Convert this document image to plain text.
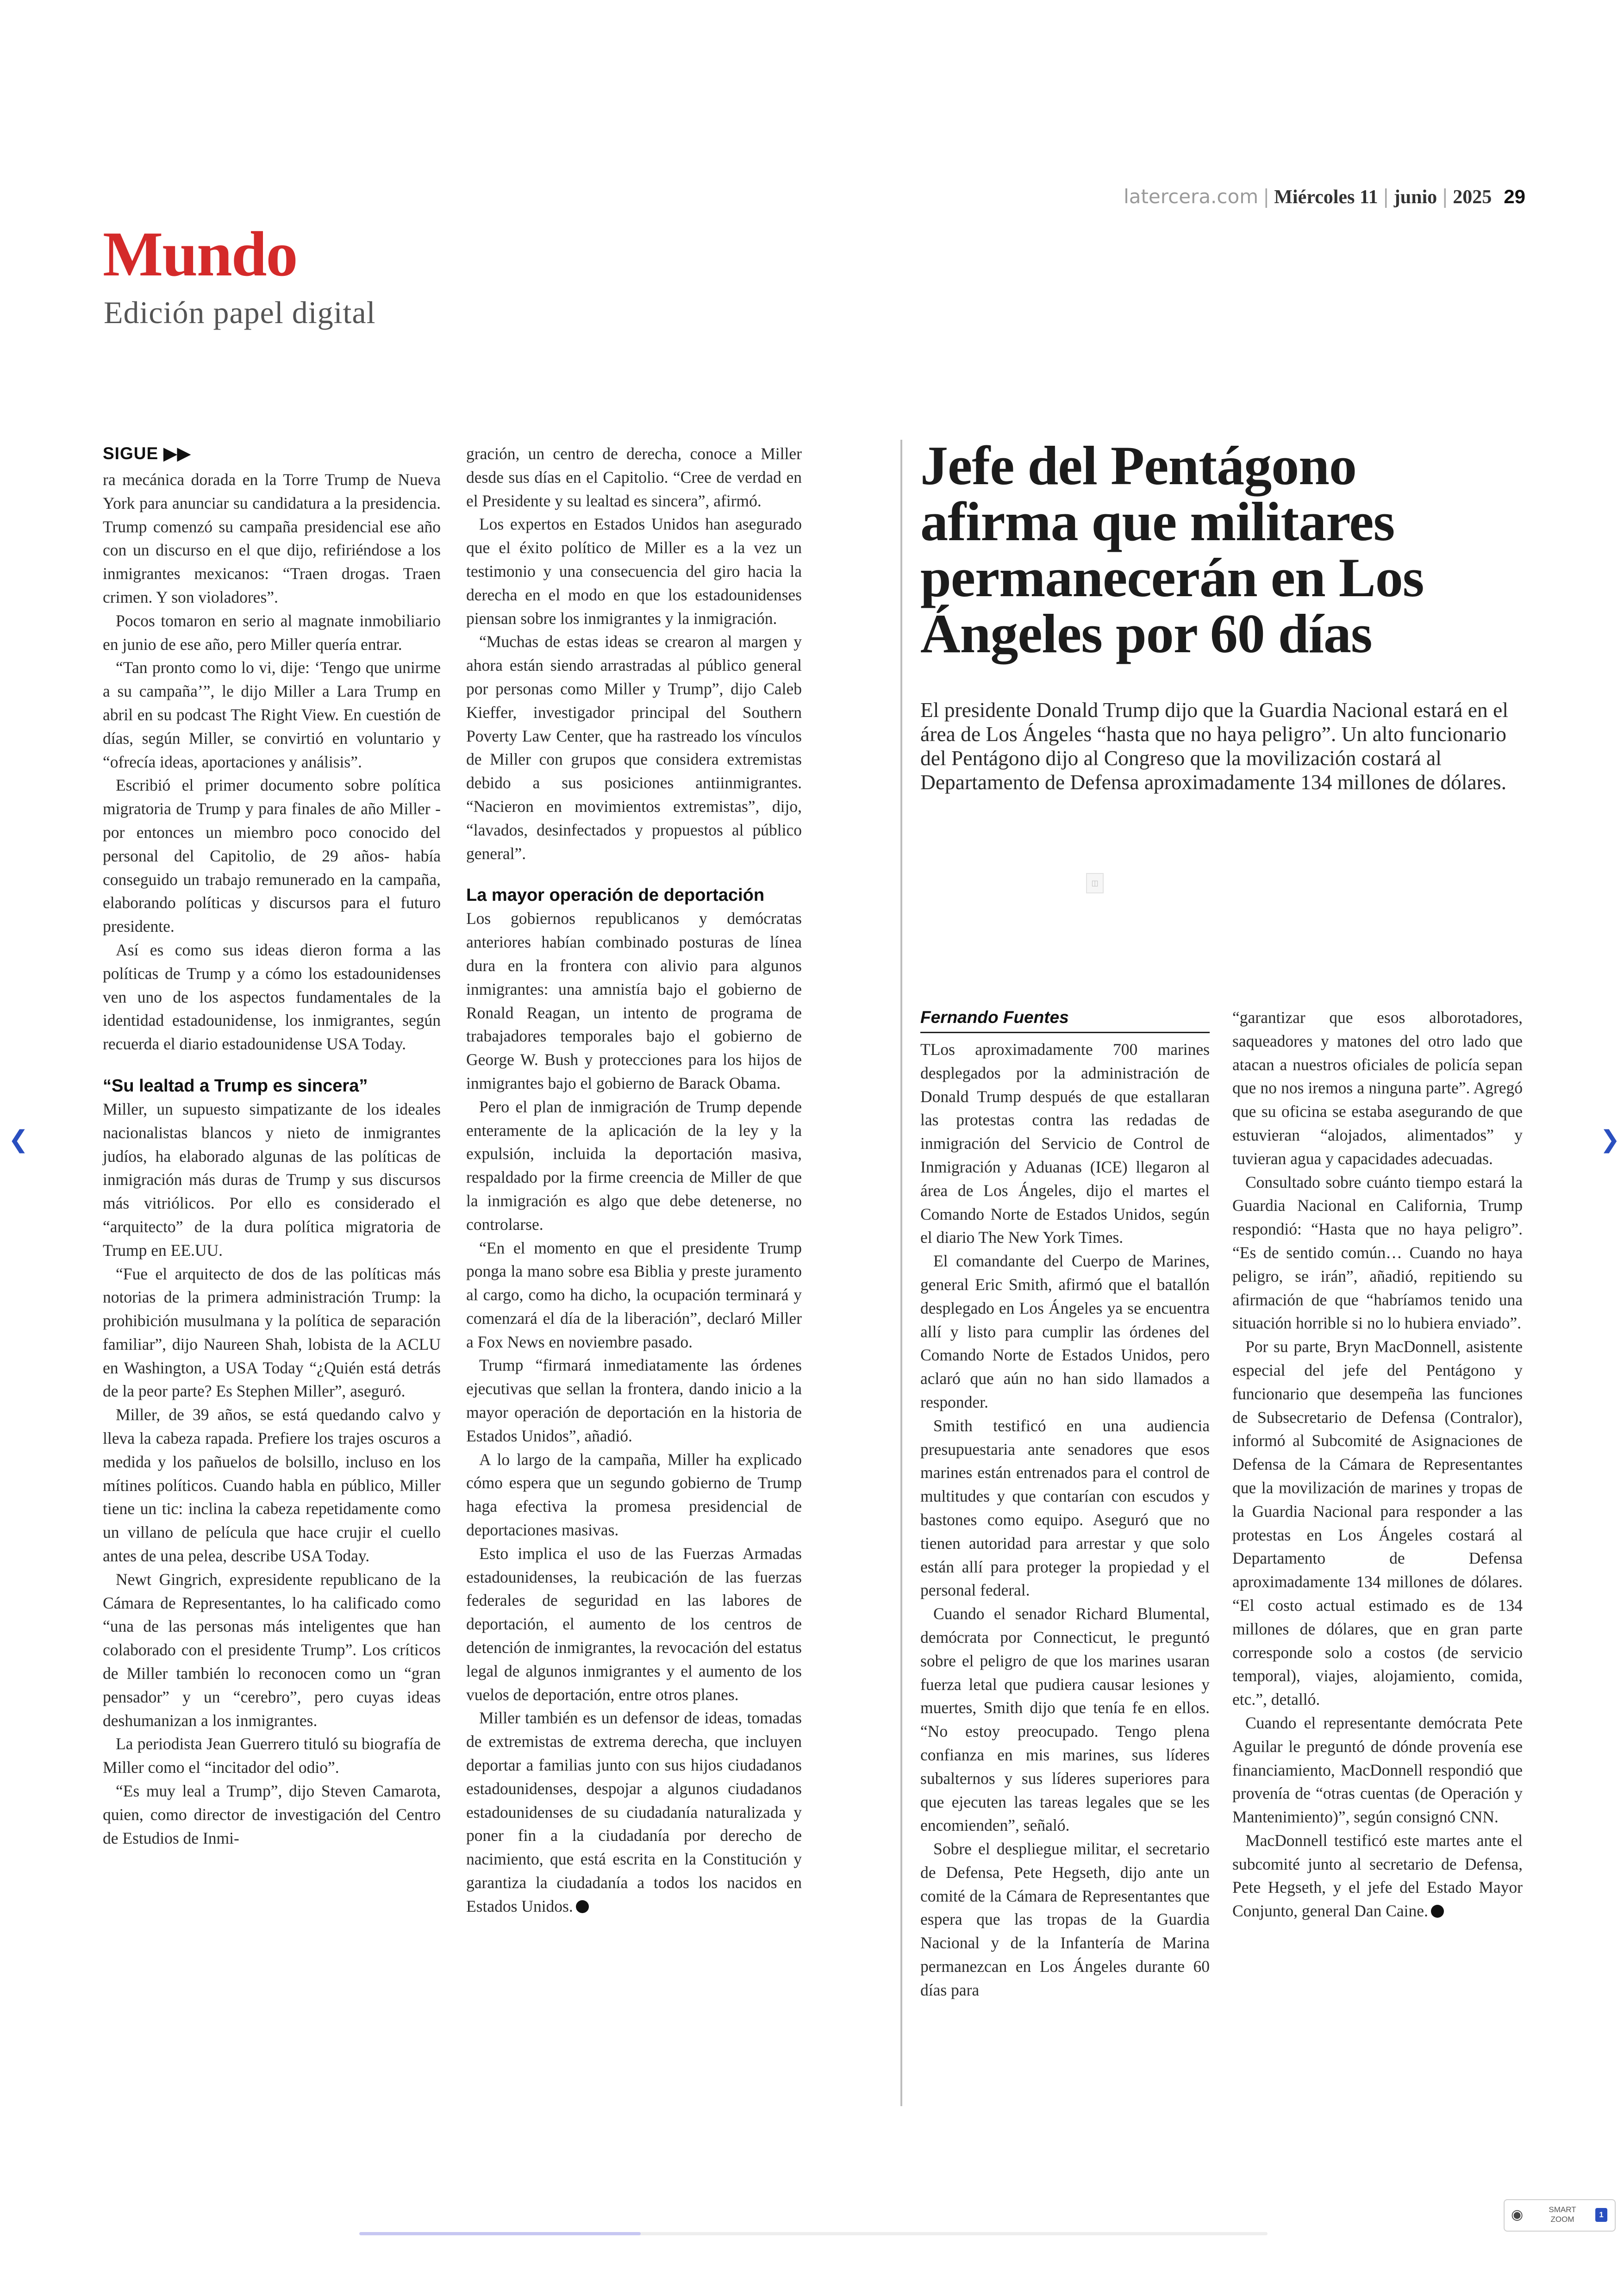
latercera.com | Miércoles 11 | junio | 2025 29
Mundo
Edición papel digital
SIGUE ▶▶

ra mecánica dorada en la Torre Trump de Nueva York para anunciar su candidatura a la presidencia. Trump comenzó su campaña presidencial ese año con un discurso en el que dijo, refiriéndose a los inmigrantes mexicanos: “Traen drogas. Traen crimen. Y son violadores”.

Pocos tomaron en serio al magnate inmobiliario en junio de ese año, pero Miller quería entrar.

“Tan pronto como lo vi, dije: ‘Tengo que unirme a su campaña’”, le dijo Miller a Lara Trump en abril en su podcast The Right View. En cuestión de días, según Miller, se convirtió en voluntario y “ofrecía ideas, aportaciones y análisis”.

Escribió el primer documento sobre política migratoria de Trump y para finales de año Miller -por entonces un miembro poco conocido del personal del Capitolio, de 29 años- había conseguido un trabajo remunerado en la campaña, elaborando políticas y discursos para el futuro presidente.

Así es como sus ideas dieron forma a las políticas de Trump y a cómo los estadounidenses ven uno de los aspectos fundamentales de la identidad estadounidense, los inmigrantes, según recuerda el diario estadounidense USA Today.

“Su lealtad a Trump es sincera”

Miller, un supuesto simpatizante de los ideales nacionalistas blancos y nieto de inmigrantes judíos, ha elaborado algunas de las políticas de inmigración más duras de Trump y sus discursos más vitriólicos. Por ello es considerado el “arquitecto” de la dura política migratoria de Trump en EE.UU.

“Fue el arquitecto de dos de las políticas más notorias de la primera administración Trump: la prohibición musulmana y la política de separación familiar”, dijo Naureen Shah, lobista de la ACLU en Washington, a USA Today “¿Quién está detrás de la peor parte? Es Stephen Miller”, aseguró.

Miller, de 39 años, se está quedando calvo y lleva la cabeza rapada. Prefiere los trajes oscuros a medida y los pañuelos de bolsillo, incluso en los mítines políticos. Cuando habla en público, Miller tiene un tic: inclina la cabeza repetidamente como un villano de película que hace crujir el cuello antes de una pelea, describe USA Today.

Newt Gingrich, expresidente republicano de la Cámara de Representantes, lo ha calificado como “una de las personas más inteligentes que han colaborado con el presidente Trump”. Los críticos de Miller también lo reconocen como un “gran pensador” y un “cerebro”, pero cuyas ideas deshumanizan a los inmigrantes.

La periodista Jean Guerrero tituló su biografía de Miller como el “incitador del odio”.

“Es muy leal a Trump”, dijo Steven Camarota, quien, como director de investigación del Centro de Estudios de Inmi-

gración, un centro de derecha, conoce a Miller desde sus días en el Capitolio. “Cree de verdad en el Presidente y su lealtad es sincera”, afirmó.

Los expertos en Estados Unidos han asegurado que el éxito político de Miller es a la vez un testimonio y una consecuencia del giro hacia la derecha en el modo en que los estadounidenses piensan sobre los inmigrantes y la inmigración.

“Muchas de estas ideas se crearon al margen y ahora están siendo arrastradas al público general por personas como Miller y Trump”, dijo Caleb Kieffer, investigador principal del Southern Poverty Law Center, que ha rastreado los vínculos de Miller con grupos que considera extremistas debido a sus posiciones antiinmigrantes. “Nacieron en movimientos extremistas”, dijo, “lavados, desinfectados y propuestos al público general”.

La mayor operación de deportación

Los gobiernos republicanos y demócratas anteriores habían combinado posturas de línea dura en la frontera con alivio para algunos inmigrantes: una amnistía bajo el gobierno de Ronald Reagan, un intento de programa de trabajadores temporales bajo el gobierno de George W. Bush y protecciones para los hijos de inmigrantes bajo el gobierno de Barack Obama.

Pero el plan de inmigración de Trump depende enteramente de la aplicación de la ley y la expulsión, incluida la deportación masiva, respaldado por la firme creencia de Miller de que la inmigración es algo que debe detenerse, no controlarse.

“En el momento en que el presidente Trump ponga la mano sobre esa Biblia y preste juramento al cargo, como ha dicho, la ocupación terminará y comenzará el día de la liberación”, declaró Miller a Fox News en noviembre pasado.

Trump “firmará inmediatamente las órdenes ejecutivas que sellan la frontera, dando inicio a la mayor operación de deportación en la historia de Estados Unidos”, añadió.

A lo largo de la campaña, Miller ha explicado cómo espera que un segundo gobierno de Trump haga efectiva la promesa presidencial de deportaciones masivas.

Esto implica el uso de las Fuerzas Armadas estadounidenses, la reubicación de las fuerzas federales de seguridad en las labores de deportación, el aumento de los centros de detención de inmigrantes, la revocación del estatus legal de algunos inmigrantes y el aumento de los vuelos de deportación, entre otros planes.

Miller también es un defensor de ideas, tomadas de extremistas de extrema derecha, que incluyen deportar a familias junto con sus hijos ciudadanos estadounidenses, despojar a algunos ciudadanos estadounidenses de su ciudadanía naturalizada y poner fin a la ciudadanía por derecho de nacimiento, que está escrita en la Constitución y garantiza la ciudadanía a todos los nacidos en Estados Unidos.

Jefe del Pentágono afirma que militares permanecerán en Los Ángeles por 60 días
El presidente Donald Trump dijo que la Guardia Nacional estará en el área de Los Ángeles “hasta que no haya peligro”. Un alto funcionario del Pentágono dijo al Congreso que la movilización costará al Departamento de Defensa aproximadamente 134 millones de dólares.
◫
Fernando Fuentes

TLos aproximadamente 700 marines desplegados por la administración de Donald Trump después de que estallaran las protestas contra las redadas de inmigración del Servicio de Control de Inmigración y Aduanas (ICE) llegaron al área de Los Ángeles, dijo el martes el Comando Norte de Estados Unidos, según el diario The New York Times.

El comandante del Cuerpo de Marines, general Eric Smith, afirmó que el batallón desplegado en Los Ángeles ya se encuentra allí y listo para cumplir las órdenes del Comando Norte de Estados Unidos, pero aclaró que aún no han sido llamados a responder.

Smith testificó en una audiencia presupuestaria ante senadores que esos marines están entrenados para el control de multitudes y que contarían con escudos y bastones como equipo. Aseguró que no tienen autoridad para arrestar y que solo están allí para proteger la propiedad y el personal federal.

Cuando el senador Richard Blumental, demócrata por Connecticut, le preguntó sobre el peligro de que los marines usaran fuerza letal que pudiera causar lesiones y muertes, Smith dijo que tenía fe en ellos. “No estoy preocupado. Tengo plena confianza en mis marines, sus líderes subalternos y sus líderes superiores para que ejecuten las tareas legales que se les encomienden”, señaló.

Sobre el despliegue militar, el secretario de Defensa, Pete Hegseth, dijo ante un comité de la Cámara de Representantes que espera que las tropas de la Guardia Nacional y de la Infantería de Marina permanezcan en Los Ángeles durante 60 días para

“garantizar que esos alborotadores, saqueadores y matones del otro lado que atacan a nuestros oficiales de policía sepan que no nos iremos a ninguna parte”. Agregó que su oficina se estaba asegurando de que estuvieran “alojados, alimentados” y tuvieran agua y capacidades adecuadas.

Consultado sobre cuánto tiempo estará la Guardia Nacional en California, Trump respondió: “Hasta que no haya peligro”. “Es de sentido común… Cuando no haya peligro, se irán”, añadió, repitiendo su afirmación de que “habríamos tenido una situación horrible si no lo hubiera enviado”.

Por su parte, Bryn MacDonnell, asistente especial del jefe del Pentágono y funcionario que desempeña las funciones de Subsecretario de Defensa (Contralor), informó al Subcomité de Asignaciones de Defensa de la Cámara de Representantes que la movilización de marines y tropas de la Guardia Nacional para responder a las protestas en Los Ángeles costará al Departamento de Defensa aproximadamente 134 millones de dólares. “El costo actual estimado es de 134 millones de dólares, que en gran parte corresponde solo a costos (de servicio temporal), viajes, alojamiento, comida, etc.”, detalló.

Cuando el representante demócrata Pete Aguilar le preguntó de dónde provenía ese financiamiento, MacDonnell respondió que provenía de “otras cuentas (de Operación y Mantenimiento)”, según consignó CNN.

MacDonnell testificó este martes ante el subcomité junto al secretario de Defensa, Pete Hegseth, y el jefe del Estado Mayor Conjunto, general Dan Caine.

❮	❯
◉	SMART ZOOM
1
